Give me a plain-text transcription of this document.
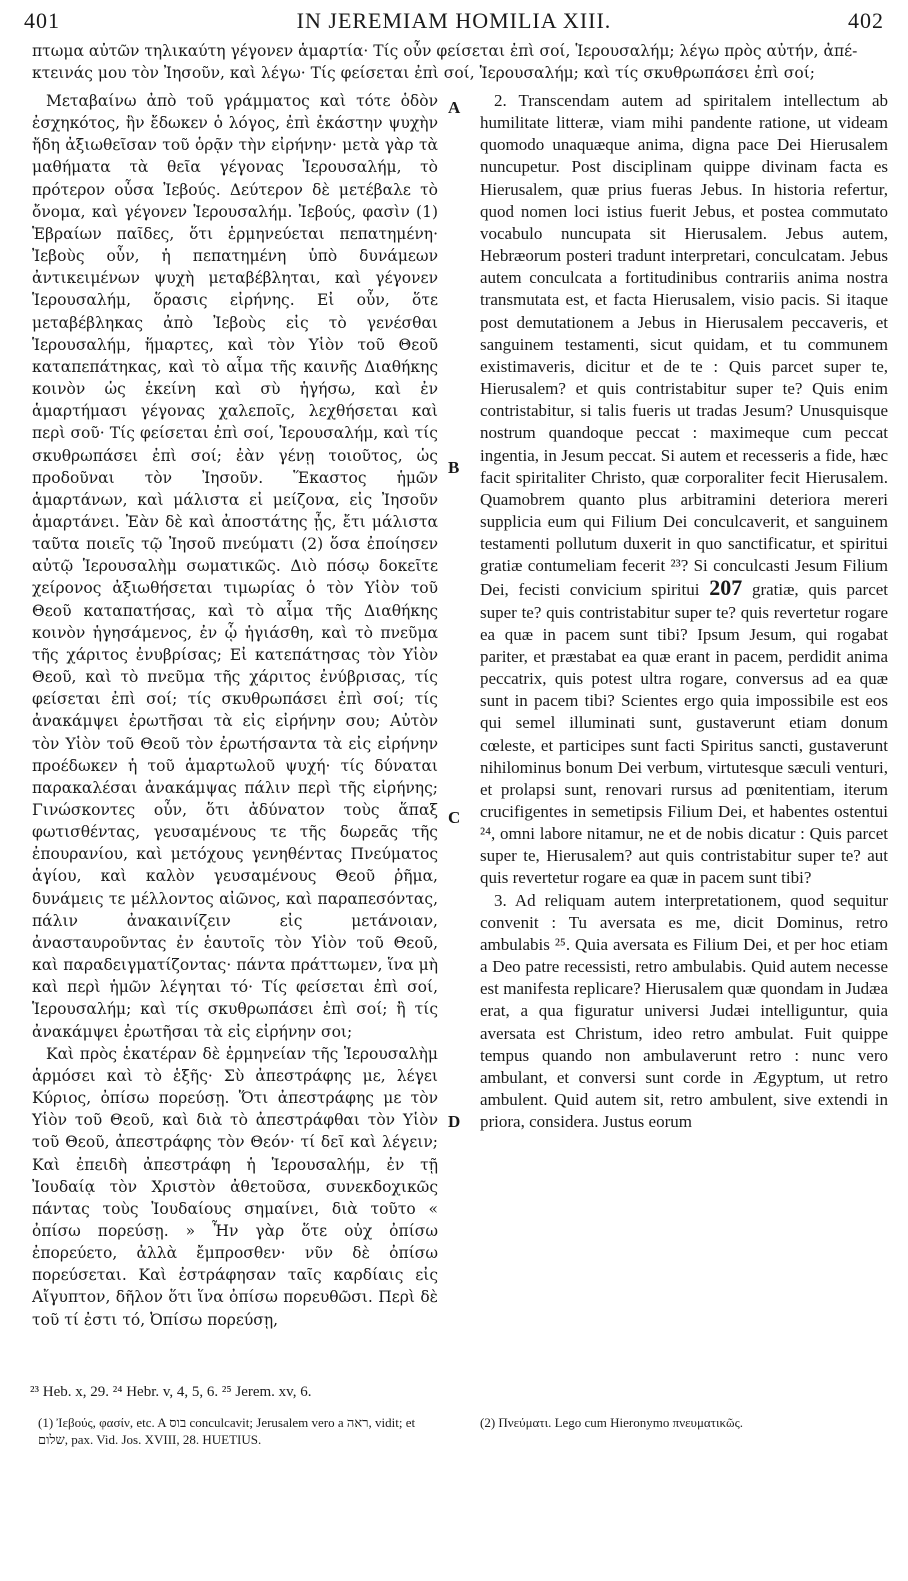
401	IN JEREMIAM HOMILIA XIII.	402

πτωμα αὐτῶν τηλικαύτη γέγονεν ἁμαρτία· Τίς οὖν φείσεται ἐπὶ σοί, Ἱερουσαλήμ; λέγω πρὸς αὐτήν, ἀπέ-

κτεινάς μου τὸν Ἰησοῦν, καὶ λέγω· Τίς φείσεται ἐπὶ σοί, Ἱερουσαλήμ; καὶ τίς σκυθρωπάσει ἐπὶ σοί;

Μεταβαίνω ἀπὸ τοῦ γράμματος καὶ τότε ὁδὸν ἐσχηκότος, ἣν ἔδωκεν ὁ λόγος, ἐπὶ ἑκάστην ψυχὴν ἤδη ἀξιωθεῖσαν τοῦ ὁρᾷν τὴν εἰρήνην· μετὰ γὰρ τὰ μαθήματα τὰ θεῖα γέγονας Ἱερουσαλήμ, τὸ πρότερον οὖσα Ἰεβούς. Δεύτερον δὲ μετέβαλε τὸ ὄνομα, καὶ γέγονεν Ἱερουσαλήμ. Ἰεβούς, φασὶν (1) Ἑβραίων παῖδες, ὅτι ἑρμηνεύεται πεπατημένη· Ἰεβοὺς οὖν, ἡ πεπατημένη ὑπὸ δυνάμεων ἀντικειμένων ψυχὴ μεταβέβληται, καὶ γέγονεν Ἱερουσαλήμ, ὅρασις εἰρήνης. Εἰ οὖν, ὅτε μεταβέβληκας ἀπὸ Ἰεβοὺς εἰς τὸ γενέσθαι Ἱερουσαλήμ, ἥμαρτες, καὶ τὸν Υἱὸν τοῦ Θεοῦ καταπεπάτηκας, καὶ τὸ αἷμα τῆς καινῆς Διαθήκης κοινὸν ὡς ἐκείνη καὶ σὺ ἡγήσω, καὶ ἐν ἁμαρτήμασι γέγονας χαλεποῖς, λεχθήσεται καὶ περὶ σοῦ· Τίς φείσεται ἐπὶ σοί, Ἱερουσαλήμ, καὶ τίς σκυθρωπάσει ἐπὶ σοί; ἐὰν γένῃ τοιοῦτος, ὡς προδοῦναι τὸν Ἰησοῦν. Ἕκαστος ἡμῶν ἁμαρτάνων, καὶ μάλιστα εἰ μείζονα, εἰς Ἰησοῦν ἁμαρτάνει. Ἐὰν δὲ καὶ ἀποστάτης ᾖς, ἔτι μάλιστα ταῦτα ποιεῖς τῷ Ἰησοῦ πνεύματι (2) ὅσα ἐποίησεν αὐτῷ Ἱερουσαλὴμ σωματικῶς. Διὸ πόσῳ δοκεῖτε χείρονος ἀξιωθήσεται τιμωρίας ὁ τὸν Υἱὸν τοῦ Θεοῦ καταπατήσας, καὶ τὸ αἷμα τῆς Διαθήκης κοινὸν ἡγησάμενος, ἐν ᾧ ἡγιάσθη, καὶ τὸ πνεῦμα τῆς χάριτος ἐνυβρίσας; Εἰ κατεπάτησας τὸν Υἱὸν Θεοῦ, καὶ τὸ πνεῦμα τῆς χάριτος ἐνύβρισας, τίς φείσεται ἐπὶ σοί; τίς σκυθρωπάσει ἐπὶ σοί; τίς ἀνακάμψει ἐρωτῆσαι τὰ εἰς εἰρήνην σου; Αὐτὸν τὸν Υἱὸν τοῦ Θεοῦ τὸν ἐρωτήσαντα τὰ εἰς εἰρήνην προέδωκεν ἡ τοῦ ἁμαρτωλοῦ ψυχή· τίς δύναται παρακαλέσαι ἀνακάμψας πάλιν περὶ τῆς εἰρήνης; Γινώσκοντες οὖν, ὅτι ἀδύνατον τοὺς ἅπαξ φωτισθέντας, γευσαμένους τε τῆς δωρεᾶς τῆς ἐπουρανίου, καὶ μετόχους γενηθέντας Πνεύματος ἁγίου, καὶ καλὸν γευσαμένους Θεοῦ ῥῆμα, δυνάμεις τε μέλλοντος αἰῶνος, καὶ παραπεσόντας, πάλιν ἀνακαινίζειν εἰς μετάνοιαν, ἀνασταυροῦντας ἐν ἑαυτοῖς τὸν Υἱὸν τοῦ Θεοῦ, καὶ παραδειγματίζοντας· πάντα πράττωμεν, ἵνα μὴ καὶ περὶ ἡμῶν λέγηται τό· Τίς φείσεται ἐπὶ σοί, Ἱερουσαλήμ; καὶ τίς σκυθρωπάσει ἐπὶ σοί; ἢ τίς ἀνακάμψει ἐρωτῆσαι τὰ εἰς εἰρήνην σοι;

Καὶ πρὸς ἑκατέραν δὲ ἑρμηνείαν τῆς Ἱερουσαλὴμ ἁρμόσει καὶ τὸ ἑξῆς· Σὺ ἀπεστράφης με, λέγει Κύριος, ὀπίσω πορεύσῃ. Ὅτι ἀπεστράφης με τὸν Υἱὸν τοῦ Θεοῦ, καὶ διὰ τὸ ἀπεστράφθαι τὸν Υἱὸν τοῦ Θεοῦ, ἀπεστράφης τὸν Θεόν· τί δεῖ καὶ λέγειν; Καὶ ἐπειδὴ ἀπεστράφη ἡ Ἱερουσαλήμ, ἐν τῇ Ἰουδαίᾳ τὸν Χριστὸν ἀθετοῦσα, συνεκδοχικῶς πάντας τοὺς Ἰουδαίους σημαίνει, διὰ τοῦτο « ὀπίσω πορεύσῃ. » Ἦν γὰρ ὅτε οὐχ ὀπίσω ἐπορεύετο, ἀλλὰ ἔμπροσθεν· νῦν δὲ ὀπίσω πορεύσεται. Καὶ ἐστράφησαν ταῖς καρδίαις εἰς Αἴγυπτον, δῆλον ὅτι ἵνα ὀπίσω πορευθῶσι. Περὶ δὲ τοῦ τί ἐστι τό, Ὀπίσω πορεύσῃ,

A
B
C
D

2. Transcendam autem ad spiritalem intellectum ab humilitate litteræ, viam mihi pandente ratione, ut videam quomodo unaquæque anima, digna pace Dei Hierusalem nuncupetur. Post disciplinam quippe divinam facta es Hierusalem, quæ prius fueras Jebus. In historia refertur, quod nomen loci istius fuerit Jebus, et postea commutato vocabulo nuncupata sit Hierusalem. Jebus autem, Hebræorum posteri tradunt interpretari, conculcatam. Jebus autem conculcata a fortitudinibus contrariis anima nostra transmutata est, et facta Hierusalem, visio pacis. Si itaque post demutationem a Jebus in Hierusalem peccaveris, et sanguinem testamenti, sicut quidam, et tu communem existimaveris, dicitur et de te : Quis parcet super te, Hierusalem? et quis contristabitur super te? Quis enim contristabitur, si talis fueris ut tradas Jesum? Unusquisque nostrum quandoque peccat : maximeque cum peccat ingentia, in Jesum peccat. Si autem et recesseris a fide, hæc facit spiritaliter Christo, quæ corporaliter fecit Hierusalem. Quamobrem quanto plus arbitramini deteriora mereri supplicia eum qui Filium Dei conculcaverit, et sanguinem testamenti pollutum duxerit in quo sanctificatur, et spiritui gratiæ contumeliam fecerit ²³? Si conculcasti Jesum Filium Dei, fecisti convicium spiritui 207 gratiæ, quis parcet super te? quis contristabitur super te? quis revertetur rogare ea quæ in pacem sunt tibi? Ipsum Jesum, qui rogabat pariter, et præstabat ea quæ erant in pacem, perdidit anima peccatrix, quis potest ultra rogare, conversus ad ea quæ sunt in pacem tibi? Scientes ergo quia impossibile est eos qui semel illuminati sunt, gustaverunt etiam donum cœleste, et participes sunt facti Spiritus sancti, gustaverunt nihilominus bonum Dei verbum, virtutesque sæculi venturi, et prolapsi sunt, renovari rursus ad pœnitentiam, iterum crucifigentes in semetipsis Filium Dei, et habentes ostentui ²⁴, omni labore nitamur, ne et de nobis dicatur : Quis parcet super te, Hierusalem? aut quis contristabitur super te? aut quis revertetur rogare ea quæ in pacem sunt tibi?

3. Ad reliquam autem interpretationem, quod sequitur convenit : Tu aversata es me, dicit Dominus, retro ambulabis ²⁵. Quia aversata es Filium Dei, et per hoc etiam a Deo patre recessisti, retro ambulabis. Quid autem necesse est manifesta replicare? Hierusalem quæ quondam in Judæa erat, a qua figuratur universi Judæi intelliguntur, quia aversata est Christum, ideo retro ambulat. Fuit quippe tempus quando non ambulaverunt retro : nunc vero ambulant, et conversi sunt corde in Ægyptum, ut retro ambulent. Quid autem sit, retro ambulent, sive extendi in priora, considera. Justus eorum

²³ Heb. x, 29. ²⁴ Hebr. v, 4, 5, 6. ²⁵ Jerem. xv, 6.
(1) Ἰεβούς, φασίν, etc. A בוס conculcavit; Jerusalem vero a ראה, vidit; et שלום, pax. Vid. Jos. XVIII, 28. HUETIUS.
(2) Πνεύματι. Lego cum Hieronymo πνευματικῶς.
